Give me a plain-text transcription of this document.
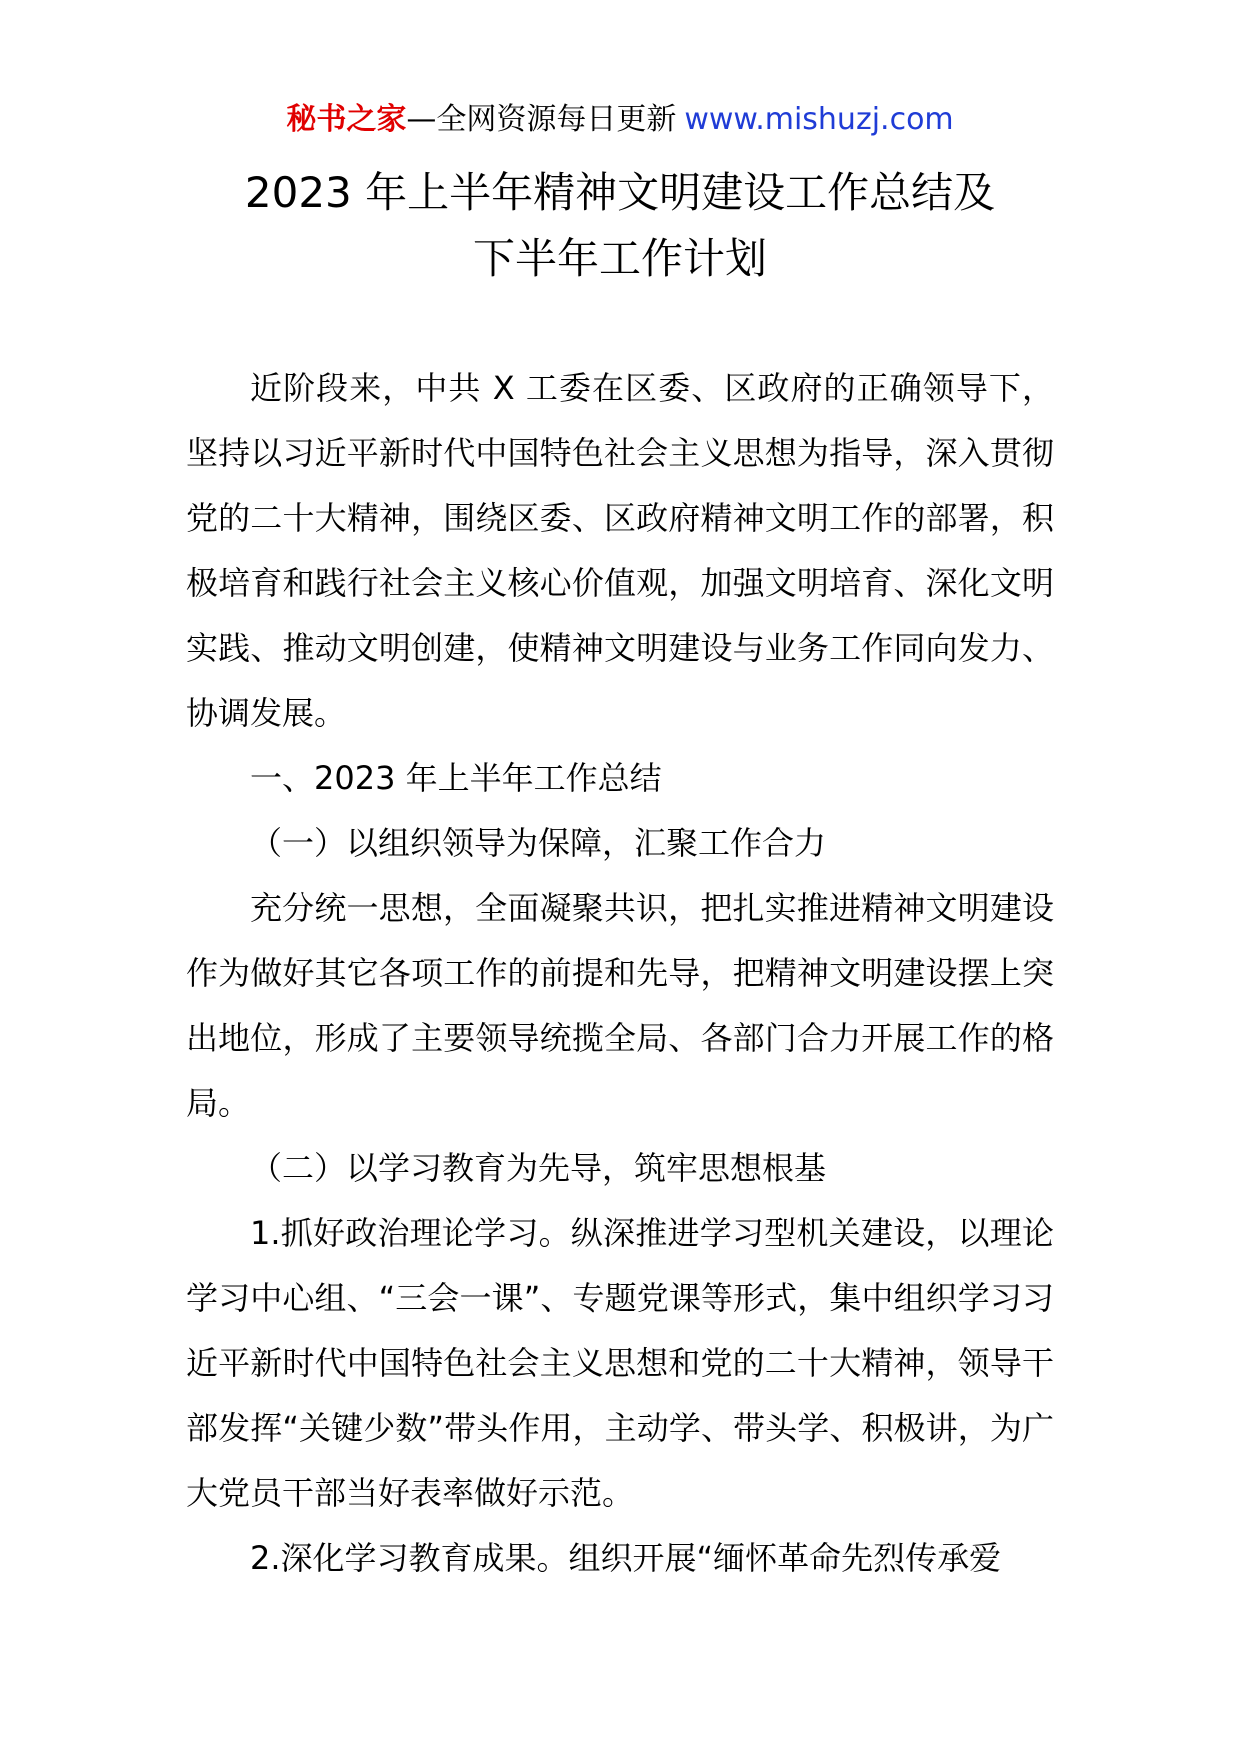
秘书之家—全网资源每日更新 www.mishuzj.com
2023 年上半年精神文明建设工作总结及
下半年工作计划

近阶段来，中共 X 工委在区委、区政府的正确领导下，坚持以习近平新时代中国特色社会主义思想为指导，深入贯彻党的二十大精神，围绕区委、区政府精神文明工作的部署，积极培育和践行社会主义核心价值观，加强文明培育、深化文明实践、推动文明创建，使精神文明建设与业务工作同向发力、协调发展。

一、2023 年上半年工作总结

（一）以组织领导为保障，汇聚工作合力

充分统一思想，全面凝聚共识，把扎实推进精神文明建设作为做好其它各项工作的前提和先导，把精神文明建设摆上突出地位，形成了主要领导统揽全局、各部门合力开展工作的格局。

（二）以学习教育为先导，筑牢思想根基

1.抓好政治理论学习。纵深推进学习型机关建设，以理论学习中心组、“三会一课”、专题党课等形式，集中组织学习习近平新时代中国特色社会主义思想和党的二十大精神，领导干部发挥“关键少数”带头作用，主动学、带头学、积极讲，为广大党员干部当好表率做好示范。

2.深化学习教育成果。组织开展“缅怀革命先烈传承爱
